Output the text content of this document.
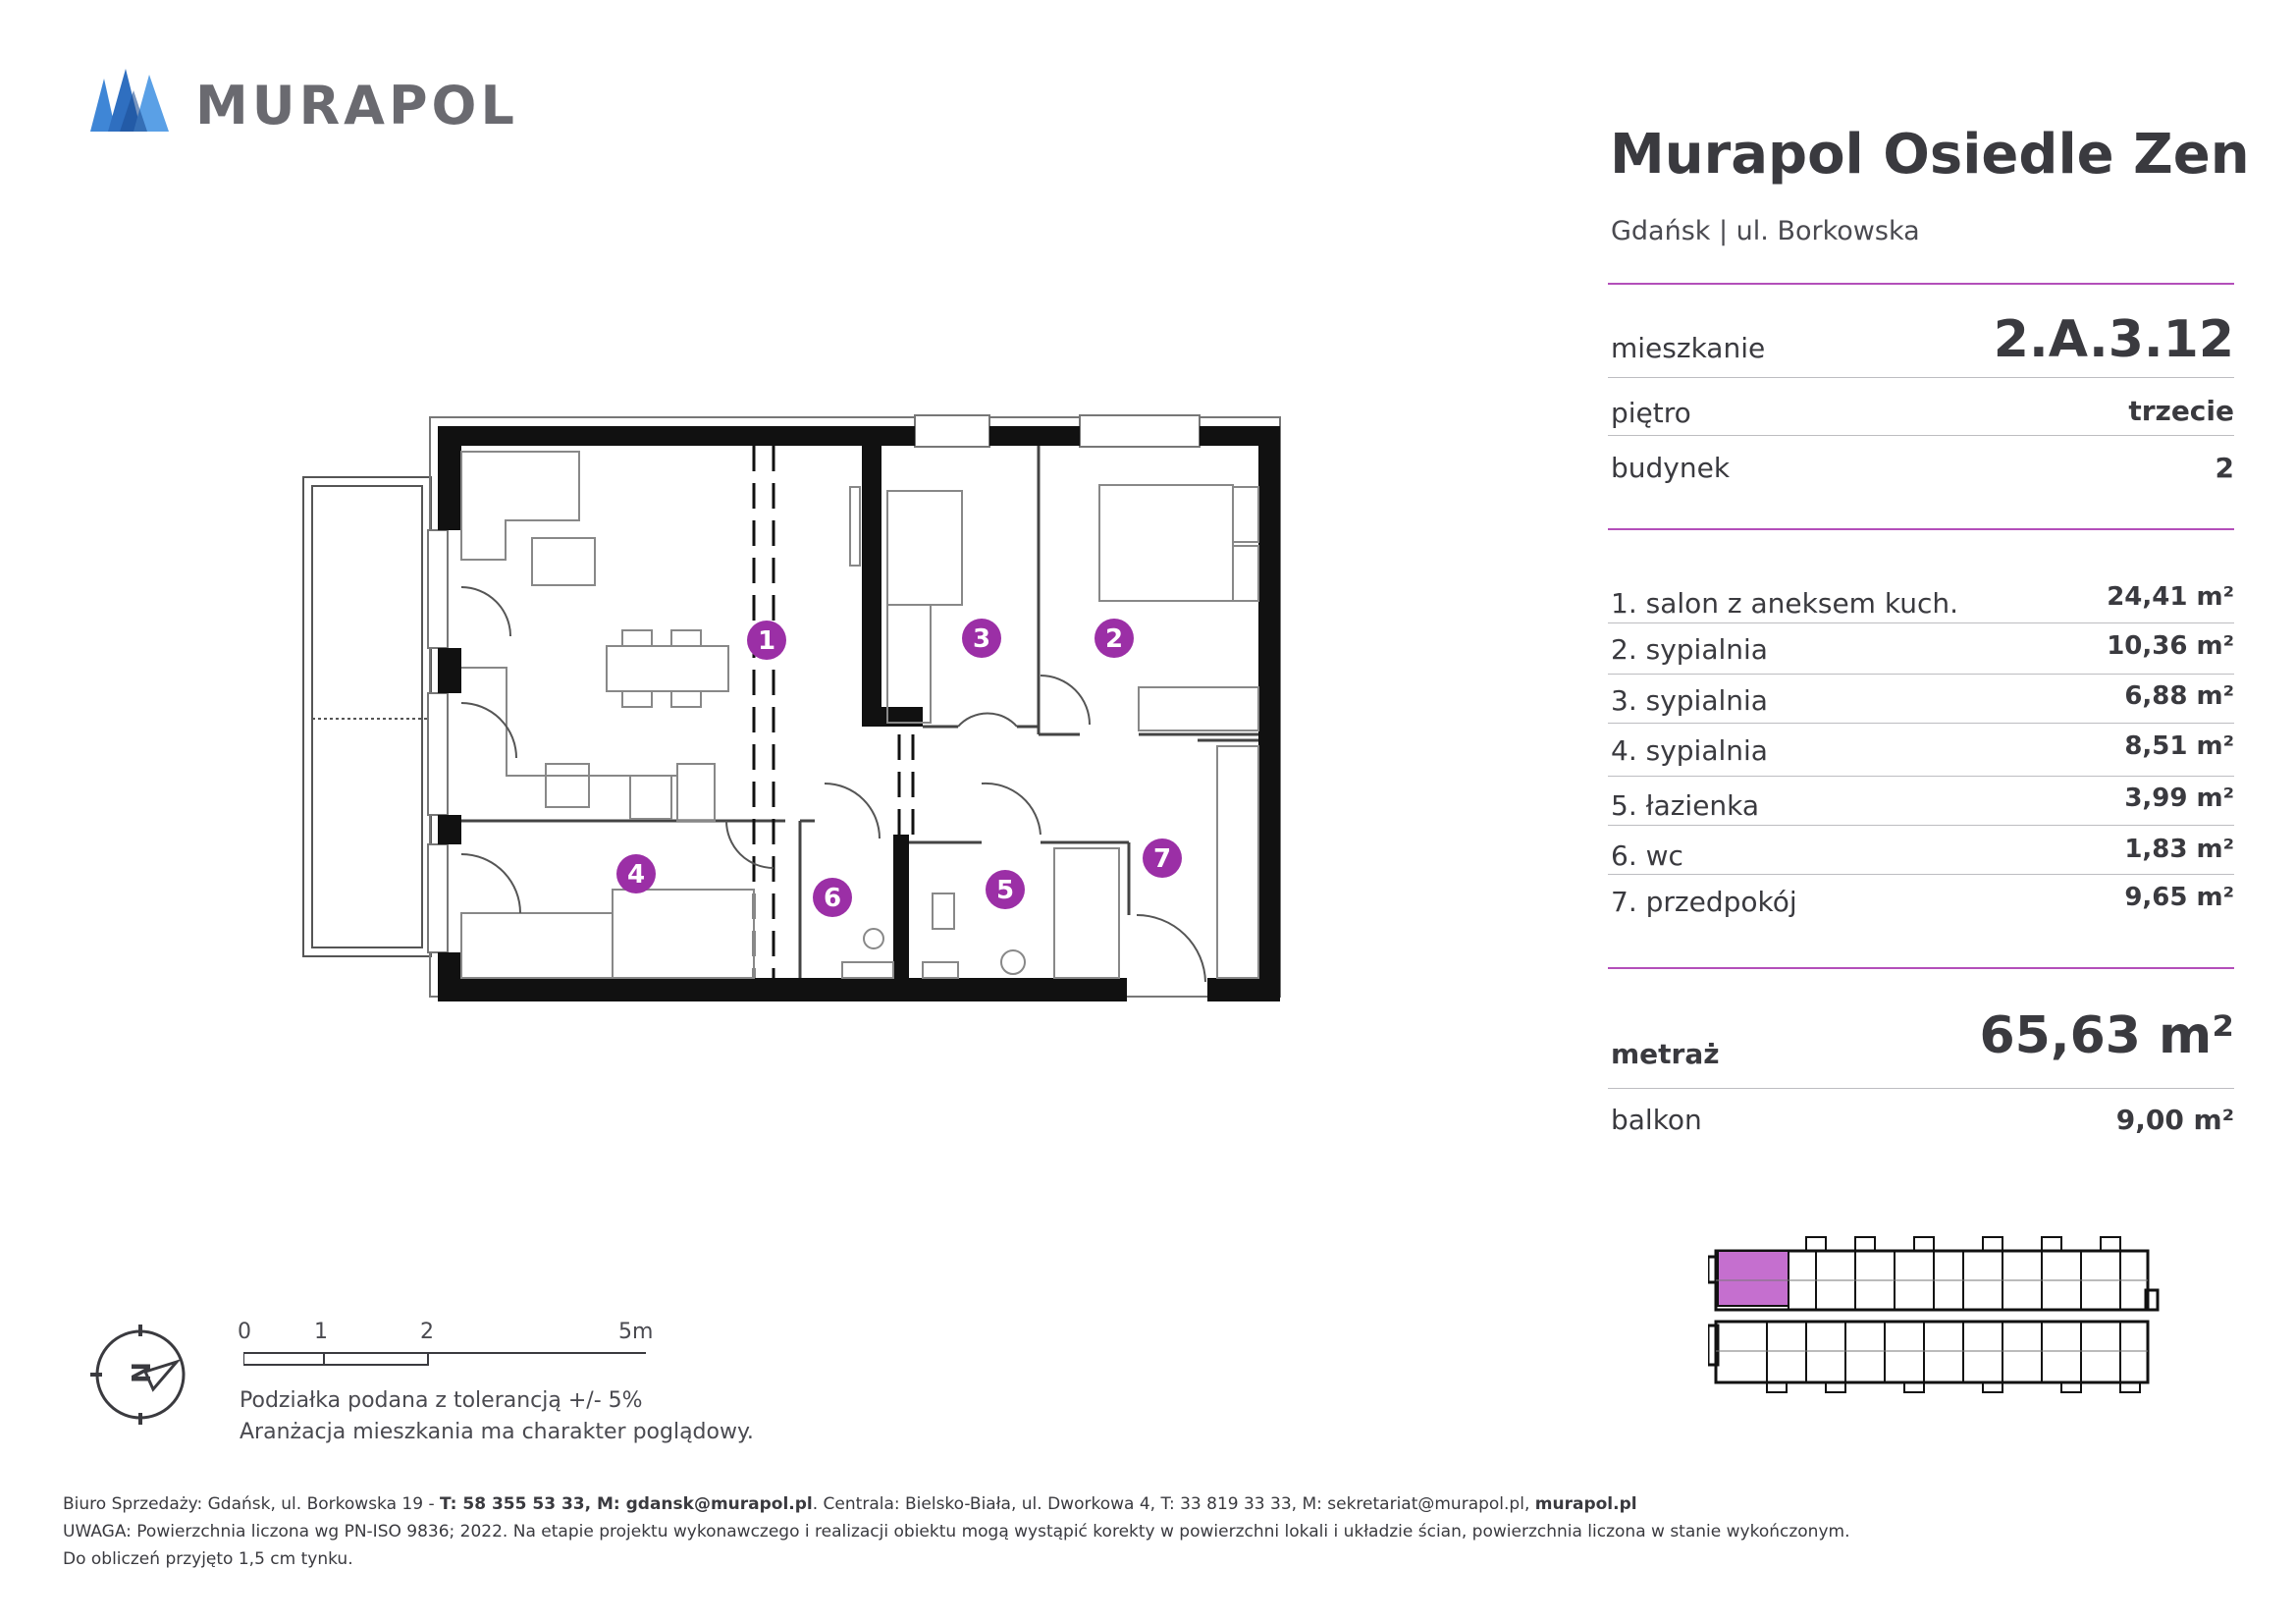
MURAPOL
Murapol Osiedle Zen
Gdańsk | ul. Borkowska
mieszkanie	2.A.3.12
piętro	trzecie
budynek	2
1. salon z aneksem kuch.	24,41 m²
2. sypialnia	10,36 m²
3. sypialnia	6,88 m²
4. sypialnia	8,51 m²
5. łazienka	3,99 m²
6. wc	1,83 m²
7. przedpokój	9,65 m²
metraż	65,63 m²
balkon	9,00 m²
1	2
3
4
5
6
7
N
0	1	2	5m
Podziałka podana z tolerancją +/- 5%
Aranżacja mieszkania ma charakter poglądowy.
Biuro Sprzedaży: Gdańsk, ul. Borkowska 19 - T: 58 355 53 33, M: gdansk@murapol.pl. Centrala: Bielsko-Biała, ul. Dworkowa 4, T: 33 819 33 33, M: sekretariat@murapol.pl, murapol.pl
UWAGA: Powierzchnia liczona wg PN-ISO 9836; 2022. Na etapie projektu wykonawczego i realizacji obiektu mogą wystąpić korekty w powierzchni lokali i układzie ścian, powierzchnia liczona w stanie wykończonym.
Do obliczeń przyjęto 1,5 cm tynku.
